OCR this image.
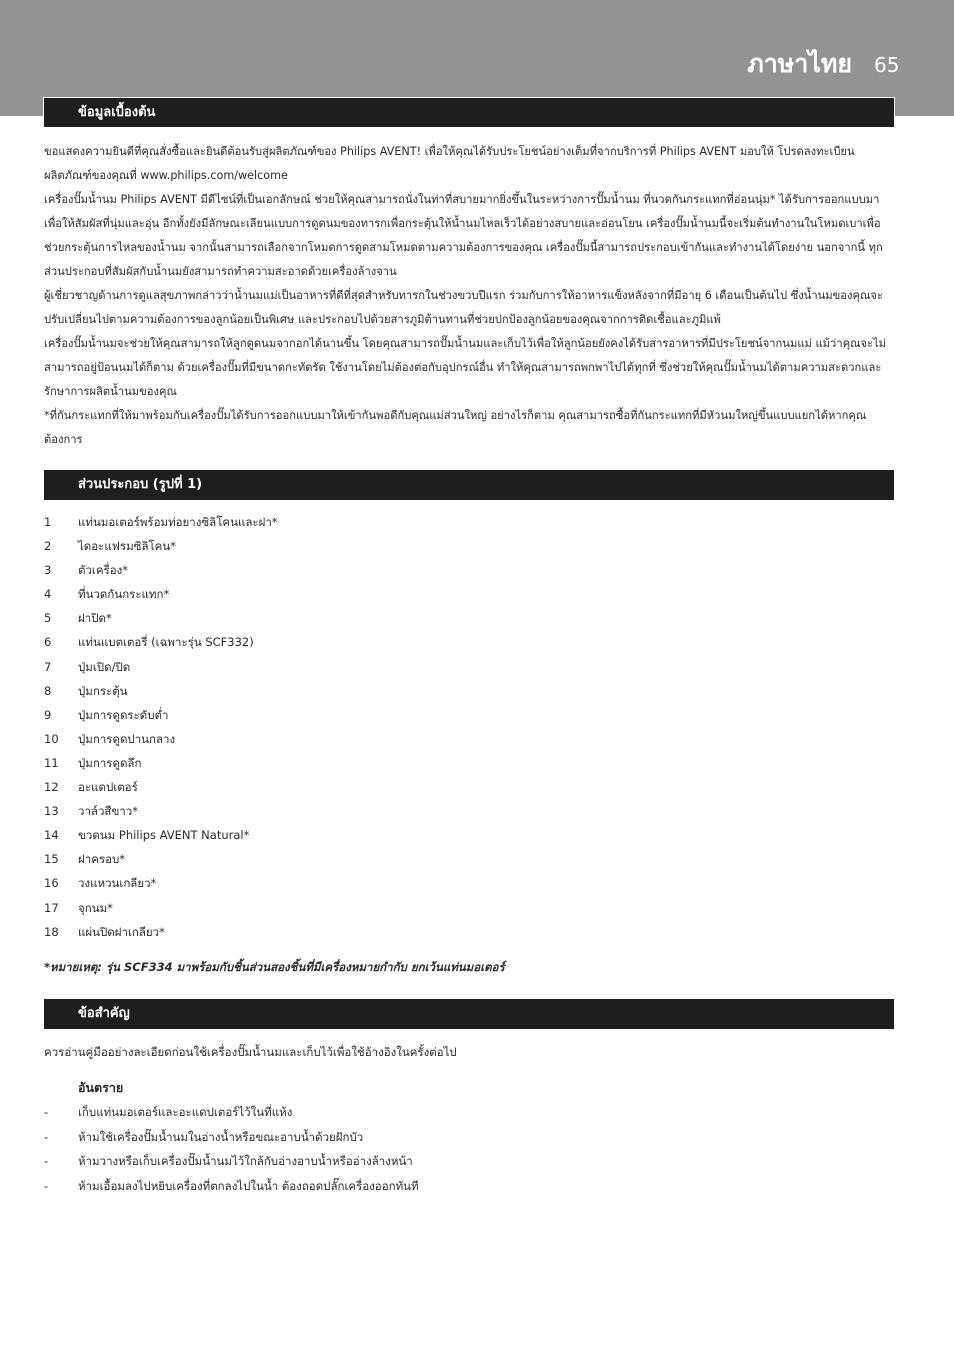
ภาษาไทย 65
ข้อมูลเบื้องต้น

ขอแสดงความยินดีที่คุณสั่งซื้อและยินดีต้อนรับสู่ผลิตภัณฑ์ของ Philips AVENT! เพื่อให้คุณได้รับประโยชน์อย่างเต็มที่จากบริการที่ Philips AVENT มอบให้ โปรดลงทะเบียนผลิตภัณฑ์ของคุณที่ www.philips.com/welcome

เครื่องปั๊มน้ำนม Philips AVENT มีดีไซน์ที่เป็นเอกลักษณ์ ช่วยให้คุณสามารถนั่งในท่าที่สบายมากยิ่งขึ้นในระหว่างการปั๊มน้ำนม ที่นวดกันกระแทกที่อ่อนนุ่ม* ได้รับการออกแบบมาเพื่อให้สัมผัสที่นุ่มและอุ่น อีกทั้งยังมีลักษณะเลียนแบบการดูดนมของทารกเพื่อกระตุ้นให้น้ำนมไหลเร็วได้อย่างสบายและอ่อนโยน เครื่องปั๊มน้ำนมนี้จะเริ่มต้นทำงานในโหมดเบาเพื่อช่วยกระตุ้นการไหลของน้ำนม จากนั้นสามารถเลือกจากโหมดการดูดสามโหมดตามความต้องการของคุณ เครื่องปั๊มนี้สามารถประกอบเข้ากันและทำงานได้โดยง่าย นอกจากนี้ ทุกส่วนประกอบที่สัมผัสกับน้ำนมยังสามารถทำความสะอาดด้วยเครื่องล้างจาน

ผู้เชี่ยวชาญด้านการดูแลสุขภาพกล่าวว่าน้ำนมแม่เป็นอาหารที่ดีที่สุดสำหรับทารกในช่วงขวบปีแรก ร่วมกับการให้อาหารแข็งหลังจากที่มีอายุ 6 เดือนเป็นต้นไป ซึ่งน้ำนมของคุณจะปรับเปลี่ยนไปตามความต้องการของลูกน้อยเป็นพิเศษ และประกอบไปด้วยสารภูมิต้านทานที่ช่วยปกป้องลูกน้อยของคุณจากการติดเชื้อและภูมิแพ้

เครื่องปั๊มน้ำนมจะช่วยให้คุณสามารถให้ลูกดูดนมจากอกได้นานขึ้น โดยคุณสามารถปั๊มน้ำนมและเก็บไว้เพื่อให้ลูกน้อยยังคงได้รับสารอาหารที่มีประโยชน์จากนมแม่ แม้ว่าคุณจะไม่สามารถอยู่ป้อนนมได้ก็ตาม ด้วยเครื่องปั๊มที่มีขนาดกะทัดรัด ใช้งานโดยไม่ต้องต่อกับอุปกรณ์อื่น ทำให้คุณสามารถพกพาไปได้ทุกที่ ซึ่งช่วยให้คุณปั๊มน้ำนมได้ตามความสะดวกและรักษาการผลิตน้ำนมของคุณ

*ที่กันกระแทกที่ให้มาพร้อมกับเครื่องปั๊มได้รับการออกแบบมาให้เข้ากันพอดีกับคุณแม่ส่วนใหญ่ อย่างไรก็ตาม คุณสามารถซื้อที่กันกระแทกที่มีหัวนมใหญ่ขึ้นแบบแยกได้หากคุณต้องการ

ส่วนประกอบ (รูปที่ 1)
1	แท่นมอเตอร์พร้อมท่อยางซิลิโคนและฝา*
2	ไดอะแฟรมซิลิโคน*
3	ตัวเครื่อง*
4	ที่นวดกันกระแทก*
5	ฝาปิด*
6	แท่นแบตเตอรี่ (เฉพาะรุ่น SCF332)
7	ปุ่มเปิด/ปิด
8	ปุ่มกระตุ้น
9	ปุ่มการดูดระดับต่ำ
10	ปุ่มการดูดปานกลาง
11	ปุ่มการดูดลึก
12	อะแดปเตอร์
13	วาล์วสีขาว*
14	ขวดนม Philips AVENT Natural*
15	ฝาครอบ*
16	วงแหวนเกลียว*
17	จุกนม*
18	แผ่นปิดฝาเกลียว*
*หมายเหตุ: รุ่น SCF334 มาพร้อมกับชิ้นส่วนสองชิ้นที่มีเครื่องหมายกำกับ ยกเว้นแท่นมอเตอร์
ข้อสำคัญ
ควรอ่านคู่มืออย่างละเอียดก่อนใช้เครื่องปั๊มน้ำนมและเก็บไว้เพื่อใช้อ้างอิงในครั้งต่อไป
อันตราย
-	เก็บแท่นมอเตอร์และอะแดปเตอร์ไว้ในที่แห้ง
-	ห้ามใช้เครื่องปั๊มน้ำนมในอ่างน้ำหรือขณะอาบน้ำด้วยฝักบัว
-	ห้ามวางหรือเก็บเครื่องปั๊มน้ำนมไว้ใกล้กับอ่างอาบน้ำหรืออ่างล้างหน้า
-	ห้ามเอื้อมลงไปหยิบเครื่องที่ตกลงไปในน้ำ ต้องถอดปลั๊กเครื่องออกทันที
